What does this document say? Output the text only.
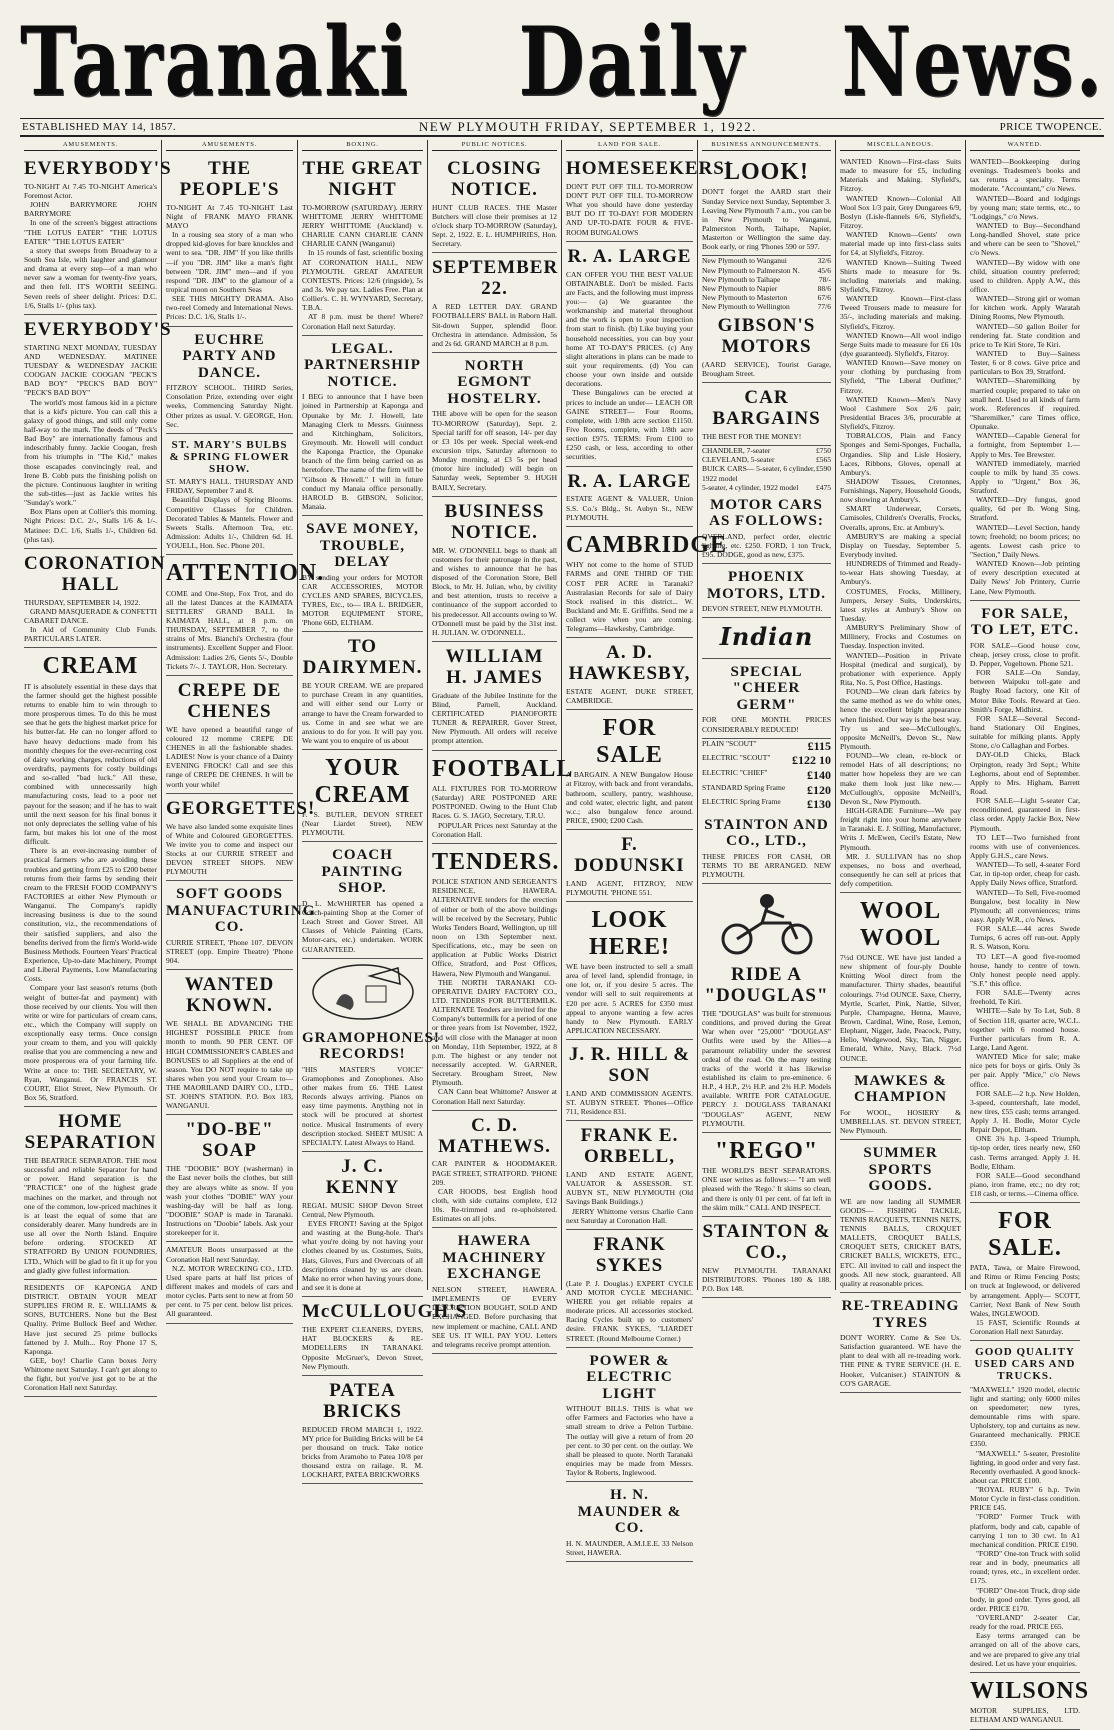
Taranaki	Daily	News.
ESTABLISHED MAY 14, 1857.	NEW PLYMOUTH FRIDAY, SEPTEMBER 1, 1922.	PRICE TWOPENCE.
AMUSEMENTS.
EVERYBODY'S

TO-NIGHT At 7.45 TO-NIGHT America's Foremost Actor.

JOHN BARRYMORE JOHN BARRYMORE

In one of the screen's biggest attractions "THE LOTUS EATER" "THE LOTUS EATER" "THE LOTUS EATER"

a story that sweeps from Broadway to a South Sea Isle, with laughter and glamour and drama at every step—of a man who never saw a woman for twenty-five years, and then fell. IT'S WORTH SEEING. Seven reels of sheer delight. Prices: D.C. 1/6, Stalls 1/- (plus tax).

EVERYBODY'S

STARTING NEXT MONDAY, TUESDAY AND WEDNESDAY. MATINEE TUESDAY & WEDNESDAY JACKIE COOGAN JACKIE COOGAN "PECK'S BAD BOY" "PECK'S BAD BOY" "PECK'S BAD BOY"

The world's most famous kid in a picture that is a kid's picture. You can call this a galaxy of good things, and still only come half-way to the mark. The deeds of "Peck's Bad Boy" are internationally famous and indescribably funny. Jackie Coogan, fresh from his triumphs in "The Kid," makes those escapades convincingly real, and Irene B. Cobb puts the finishing polish on the picture. Continuous laughter in writing the sub-titles—just as Jackie writes his "Sunday's work."

Box Plans open at Collier's this morning. Night Prices: D.C. 2/-, Stalls 1/6 & 1/-. Matinee: D.C. 1/6, Stalls 1/-, Children 6d. (plus tax).

CORONATION HALL

THURSDAY, SEPTEMBER 14, 1922.

GRAND MASQUERADE & CONFETTI CABARET DANCE.

In Aid of Community Club Funds. PARTICULARS LATER.

CREAM

IT is absolutely essential in these days that the farmer should get the highest possible returns to enable him to win through to more prosperous times. To do this he must see that he gets the highest market price for his butter-fat. He can no longer afford to have heavy deductions made from his monthly cheques for the ever-recurring cost of dairy working charges, reductions of old overdrafts, payments for costly buildings and so-called "bad luck." All these, combined with unnecessarily high manufacturing costs, lead to a poor net payout for the season; and if he has to wait until the next season for his final bonus it not only depreciates the selling value of his farm, but makes his lot one of the most difficult.

There is an ever-increasing number of practical farmers who are avoiding these troubles and getting from £25 to £200 better returns from their farms by sending their cream to the FRESH FOOD COMPANY'S FACTORIES at either New Plymouth or Wanganui. The Company's rapidly increasing business is due to the sound constitution, viz., the recommendations of their satisfied suppliers, and also the benefits derived from the firm's World-wide Business Methods. Fourteen Years' Practical Experience, Up-to-date Machinery, Prompt and Liberal Payments, Low Manufacturing Costs.

Compare your last season's returns (both weight of butter-fat and payment) with those received by our clients. You will then write or wire for particulars of cream cans, etc., which the Company will supply on exceptionally easy terms. Once consign your cream to them, and you will quickly realise that you are commencing a new and more prosperous era of your farming life. Write at once to: THE SECRETARY, W. Ryan, Wanganui. Or FRANCIS ST. COURT, Eliot Street, New Plymouth. Or Box 56, Stratford.

HOME SEPARATION

THE BEATRICE SEPARATOR. THE most successful and reliable Separator for hand or power. Hand separation is the "PRACTICE" one of the highest grade machines on the market, and through not one of the common, low-priced machines it is at least the equal of some that are considerably dearer. Many hundreds are in use all over the North Island. Enquire before ordering. STOCKED AT STRATFORD By UNION FOUNDRIES, LTD., Which will be glad to fit it up for you and gladly give fullest information.

RESIDENTS OF KAPONGA AND DISTRICT. OBTAIN YOUR MEAT SUPPLIES FROM R. E. WILLIAMS & SONS, BUTCHERS. None but the Best Quality. Prime Bullock Beef and Wether. Have just secured 25 prime bullocks fattened by J. Mulh... Roy Phone 17 S, Kaponga.

GEE, boy! Charlie Cann boxes Jerry Whittome next Saturday. I can't get along to the fight, but you've just got to be at the Coronation Hall next Saturday.

AMUSEMENTS.
THE PEOPLE'S

TO-NIGHT At 7.45 TO-NIGHT Last Night of FRANK MAYO FRANK MAYO

In a rousing sea story of a man who dropped kid-gloves for bare knuckles and went to sea. "DR. JIM" If you like thrills—if you "DR. JIM" like a man's fight between "DR. JIM" men—and if you respond "DR. JIM" to the glamour of a tropical moon on Southern Seas

SEE THIS MIGHTY DRAMA. Also two-reel Comedy and International News. Prices: D.C. 1/6, Stalls 1/-.

EUCHRE PARTY AND DANCE.

FITZROY SCHOOL. THIRD Series, Consolation Prize, extending over eight weeks, Commencing Saturday Night. Other prizes as usual. V. GEORGE, Hon. Sec.

ST. MARY'S BULBS & SPRING FLOWER SHOW.

ST. MARY'S HALL. THURSDAY AND FRIDAY, September 7 and 8.

Beautiful Displays of Spring Blooms. Competitive Classes for Children. Decorated Tables & Mantels. Flower and Sweets Stalls. Afternoon Tea, etc. Admission: Adults 1/-, Children 6d. H. YOUELL, Hon. Sec. Phone 201.

ATTENTION.

COME and One-Step, Fox Trot, and do all the latest Dances at the KAIMATA SETTLERS' GRAND BALL In KAIMATA HALL, at 8 p.m. on THURSDAY, SEPTEMBER 7, to the strains of Mrs. Bianchi's Orchestra (four instruments). Excellent Supper and Floor. Admission: Ladies 2/6, Gents 5/-, Double Tickets 7/-. J. TAYLOR, Hon. Secretary.

CREPE DE CHENES

WE have opened a beautiful range of coloured 12 momme CREPE DE CHENES in all the fashionable shades. LADIES! Now is your chance of a Dainty EVENING FROCK! Call and see this range of CREPE DE CHENES. It will be worth your while!

GEORGETTES!

We have also landed some exquisite lines of White and Coloured GEORGETTES. We invite you to come and inspect our Stocks at our CURRIE STREET and DEVON STREET SHOPS. NEW PLYMOUTH

SOFT GOODS MANUFACTURING CO.

CURRIE STREET, 'Phone 107. DEVON STREET (opp. Empire Theatre) 'Phone 904.

WANTED KNOWN.

WE SHALL BE ADVANCING THE HIGHEST POSSIBLE PRICE from month to month. 90 PER CENT. OF HIGH COMMISSIONER'S CABLES and BONUSES to all Suppliers at the end of season. You DO NOT require to take up shares when you send your Cream to— THE MAORILAND DAIRY CO., LTD., ST. JOHN'S STATION. P.O. Box 183, WANGANUI.

"DO-BE" SOAP

THE "DOOBIE" BOY (washerman) in the East never boils the clothes, but still they are always white as snow. If you wash your clothes "DOBIE" WAY your washing-day will be half as long. "DOOBIE" SOAP is made in Taranaki. Instructions on "Doobie" labels. Ask your storekeeper for it.

AMATEUR Boots unsurpassed at the Coronation Hall next Saturday.

N.Z. MOTOR WRECKING CO., LTD. Used spare parts at half list prices of different makes and models of cars and motor cycles. Parts sent to new at from 50 per cent. to 75 per cent. below list prices. All guaranteed.

BOXING.
THE GREAT NIGHT

TO-MORROW (SATURDAY). JERRY WHITTOME JERRY WHITTOME JERRY WHITTOME (Auckland) v. CHARLIE CANN CHARLIE CANN CHARLIE CANN (Wanganui)

In 15 rounds of fast, scientific boxing AT CORONATION HALL, NEW PLYMOUTH. GREAT AMATEUR CONTESTS. Prices: 12/6 (ringside), 5s and 3s. We pay tax. Ladies Free. Plan at Collier's. C. H. WYNYARD, Secretary, T.B.A.

AT 8 p.m. must be there! Where? Coronation Hall next Saturday.

LEGAL. PARTNERSHIP NOTICE.

I BEG to announce that I have been joined in Partnership at Kaponga and Opunake by Mr. J. Howell, late Managing Clerk to Messrs. Guinness and Kitchingham, Solicitors, Greymouth. Mr. Howell will conduct the Kaponga Practice, the Opunake branch of the firm being carried on as heretofore. The name of the firm will be "Gibson & Howell." I will in future conduct my Manaia office personally. HAROLD B. GIBSON, Solicitor, Manaia.

SAVE MONEY, TROUBLE, DELAY

BY sending your orders for MOTOR CAR ACCESSORIES, MOTOR CYCLES AND SPARES, BICYCLES, TYRES, Etc., to— IRA L. BRIDGER, MOTOR EQUIPMENT STORE, 'Phone 66D, ELTHAM.

TO DAIRYMEN.

BE YOUR CREAM. WE are prepared to purchase Cream in any quantities, and will either send our Lorry or arrange to have the Cream forwarded to us. Come in and see what we are anxious to do for you. It will pay you. We want you to enquire of us about

YOUR CREAM

F. S. BUTLER, DEVON STREET (Near Liardet Street), NEW PLYMOUTH.

COACH PAINTING SHOP.

D. L. McWHIRTER has opened a Coach-painting Shop at the Corner of Leach Street and Gover Street. All Classes of Vehicle Painting (Carts, Motor-cars, etc.) undertaken. WORK GUARANTEED.

GRAMOPHONES! RECORDS!

"HIS MASTER'S VOICE" Gramophones and Zonophones. Also other makes from £6. THE Latest Records always arriving. Pianos on easy time payments. Anything not in stock will be procured at shortest notice. Musical Instruments of every description stocked. SHEET MUSIC A SPECIALTY. Latest Always to Hand.

J. C. KENNY

REGAL MUSIC SHOP Devon Street Central, New Plymouth.

EYES FRONT! Saving at the Spigot and wasting at the Bung-hole. That's what you're doing by not having your clothes cleaned by us. Costumes, Suits, Hats, Gloves, Furs and Overcoats of all descriptions cleaned by us are clean. Make no error when having yours done, and see it is done at

McCULLOUGH'S

THE EXPERT CLEANERS, DYERS, HAT BLOCKERS & RE-MODELLERS IN TARANAKI. Opposite McGruer's, Devon Street, New Plymouth.

PATEA BRICKS

REDUCED FROM MARCH 1, 1922. MY price for Building Bricks will be £4 per thousand on truck. Take notice bricks from Aramoho to Patea 10/8 per thousand extra on railage. R. M. LOCKHART, PATEA BRICKWORKS

PUBLIC NOTICES.
CLOSING NOTICE.

HUNT CLUB RACES. THE Master Butchers will close their premises at 12 o'clock sharp TO-MORROW (Saturday), Sept. 2, 1922. E. L. HUMPHRIES, Hon. Secretary.

SEPTEMBER 22.

A RED LETTER DAY. GRAND FOOTBALLERS' BALL in Raborn Hall. Sit-down Supper, splendid floor. Orchestra in attendance. Admission, 5s and 2s 6d. GRAND MARCH at 8 p.m.

NORTH EGMONT HOSTELRY.

THE above will be open for the season TO-MORROW (Saturday), Sept. 2. Special tariff for off season, 14/- per day or £3 10s per week. Special week-end excursion trips, Saturday afternoon to Monday morning, at £3 5s per head (motor hire included) will begin on Saturday week, September 9. HUGH BAILY, Secretary.

BUSINESS NOTICE.

MR. W. O'DONNELL begs to thank all customers for their patronage in the past, and wishes to announce that he has disposed of the Coronation Store, Bell Block, to Mr. H. Julian, who, by civility and best attention, trusts to receive a continuance of the support accorded to his predecessor. All accounts owing to W. O'Donnell must be paid by the 31st inst. H. JULIAN. W. O'DONNELL.

WILLIAM H. JAMES

Graduate of the Jubilee Institute for the Blind, Parnell, Auckland. CERTIFICATED PIANOFORTE TUNER & REPAIRER. Gover Street, New Plymouth. All orders will receive prompt attention.

FOOTBALL

ALL FIXTURES FOR TO-MORROW (Saturday) ARE POSTPONED ARE POSTPONED. Owing to the Hunt Club Races. G. S. JAGO, Secretary, T.R.U.

POPULAR Prices next Saturday at the Coronation Hall.

TENDERS.

POLICE STATION AND SERGEANT'S RESIDENCE, HAWERA. ALTERNATIVE tenders for the erection of either or both of the above buildings will be received by the Secretary, Public Works Tenders Board, Wellington, up till noon on 13th September next. Specifications, etc., may be seen on application at Public Works District Office, Stratford, and Post Offices, Hawera, New Plymouth and Wanganui.

THE NORTH TARANAKI CO-OPERATIVE DAIRY FACTORY CO., LTD. TENDERS FOR BUTTERMILK. ALTERNATE Tenders are invited for the Company's buttermilk for a period of one or three years from 1st November, 1922, and will close with the Manager at noon on Monday, 11th September, 1922, at 8 p.m. The highest or any tender not necessarily accepted. W. GARNER, Secretary. Brougham Street, New Plymouth.

CAN Cann beat Whittome? Answer at Coronation Hall next Saturday.

C. D. MATHEWS.

CAR PAINTER & HOODMAKER. PAGE STREET, STRATFORD. 'PHONE 209.

CAR HOODS, best English hood cloth, with side curtains complete, £12 10s. Re-trimmed and re-upholstered. Estimates on all jobs.

HAWERA MACHINERY EXCHANGE

NELSON STREET, HAWERA. IMPLEMENTS OF EVERY DESCRIPTION BOUGHT, SOLD AND EXCHANGED. Before purchasing that new implement or machine, CALL AND SEE US. IT WILL PAY YOU. Letters and telegrams receive prompt attention.

LAND FOR SALE.
HOMESEEKERS!

DON'T PUT OFF TILL TO-MORROW DON'T PUT OFF TILL TO-MORROW What you should have done yesterday BUT DO IT TO-DAY! FOR MODERN AND UP-TO-DATE FOUR & FIVE-ROOM BUNGALOWS

R. A. LARGE

CAN OFFER YOU THE BEST VALUE OBTAINABLE. Don't be misled. Facts are Facts, and the following must impress you:— (a) We guarantee the workmanship and material throughout and the work is open to your inspection from start to finish. (b) Like buying your household necessities, you can buy your home AT TO-DAY'S PRICES. (c) Any slight alterations in plans can be made to suit your requirements. (d) You can choose your own inside and outside decorations.

These Bungalows can be erected at prices to include an under— LEACH OR GAINE STREET— Four Rooms, complete, with 1/8th acre section £1150. Five Rooms, complete, with 1/8th acre section £975. TERMS: From £100 to £250 cash, or less, according to other securities.

R. A. LARGE

ESTATE AGENT & VALUER, Union S.S. Co.'s Bldg., St. Aubyn St., NEW PLYMOUTH.

CAMBRIDGE

WHY not come to the home of STUD FARMS and ONE THIRD OF THE COST PER ACRE in Taranaki? Australasian Records for sale of Dairy Stock realised in this district... W. Buckland and Mr. E. Griffiths. Send me a collect wire when you are coming. Telegrams—Hawkesby, Cambridge.

A. D. HAWKESBY,

ESTATE AGENT, DUKE STREET, CAMBRIDGE.

FOR SALE

A BARGAIN. A NEW Bungalow House at Fitzroy, with back and front verandahs, bathroom, scullery, pantry, washhouse, and cold water, electric light, and patent w.c.; also bungalow fence around. PRICE, £900; £200 Cash.

F. DODUNSKI

LAND AGENT, FITZROY, NEW PLYMOUTH. 'PHONE 551.

LOOK HERE!

WE have been instructed to sell a small area of level land, splendid frontage, in one lot, or, if you desire 5 acres. The vendor will sell to suit requirements at £20 per acre. 5 ACRES for £350 must appeal to anyone wanting a few acres handy to New Plymouth. EARLY APPLICATION NECESSARY.

J. R. HILL & SON

LAND AND COMMISSION AGENTS. ST. AUBYN STREET. 'Phones—Office 711, Residence 831.

FRANK E. ORBELL,

LAND AND ESTATE AGENT, VALUATOR & ASSESSOR. ST. AUBYN ST., NEW PLYMOUTH (Old Savings Bank Buildings.)

JERRY Whittome versus Charlie Cann next Saturday at Coronation Hall.

FRANK SYKES

(Late P. J. Douglas.) EXPERT CYCLE AND MOTOR CYCLE MECHANIC. WHERE you get reliable repairs at moderate prices. All accessories stocked. Racing Cycles built up to customers' desire. FRANK SYKES, "LIARDET STREET. (Round Melbourne Corner.)

POWER & ELECTRIC LIGHT

WITHOUT BILLS. THIS is what we offer Farmers and Factories who have a small stream to drive a Pelton Turbine. The outlay will give a return of from 20 per cent. to 30 per cent. on the outlay. We shall be pleased to quote. North Taranaki enquiries may be made from Messrs. Taylor & Roberts, Inglewood.

H. N. MAUNDER & CO.

H. N. MAUNDER, A.M.I.E.E. 33 Nelson Street, HAWERA.

BUSINESS ANNOUNCEMENTS.
LOOK!

DON'T forget the AARD start their Sunday Service next Sunday, September 3. Leaving New Plymouth 7 a.m., you can be in New Plymouth to Wanganui, Palmerston North, Taihape, Napier, Masterton or Wellington the same day. Book early, or ring 'Phones 590 or 597.

New Plymouth to Wanganui	32/6
New Plymouth to Palmerston N. 45/6
New Plymouth to Taihape	78/-
New Plymouth to Napier	88/6
New Plymouth to Masterton	67/6
New Plymouth to Wellington	77/6
GIBSON'S MOTORS

(AARD SERVICE), Tourist Garage, Brougham Street.

CAR BARGAINS

THE BEST FOR THE MONEY!

CHANDLER, 7-seater	£750
CLEVELAND, 5-seater	£565
BUICK CARS— 5-seater, 6 cylinder, 1922 model
£590
5-seater, 4 cylinder, 1922 model £475
MOTOR CARS AS FOLLOWS:

OVERLAND, perfect order, electric lighting, etc. £250. FORD, 1 ton Truck, £95. DODGE, good as new, £375.

PHOENIX MOTORS, LTD.

DEVON STREET, NEW PLYMOUTH.

Indian
SPECIAL "CHEER GERM"

FOR ONE MONTH. PRICES CONSIDERABLY REDUCED!

PLAIN "SCOUT"	£115
ELECTRIC "SCOUT" £122 10
ELECTRIC "CHIEF"	£140
STANDARD Spring Frame £120
ELECTRIC Spring Frame £130
STAINTON AND CO., LTD.,

THESE PRICES FOR CASH, OR TERMS TO BE ARRANGED. NEW PLYMOUTH.

RIDE A "DOUGLAS"

THE "DOUGLAS" was built for strenuous conditions, and proved during the Great War when over "25,000" "DOUGLAS" Outfits were used by the Allies—a paramount reliability under the severest ordeal of the road. On the many testing tracks of the world it has likewise established its claim to pre-eminence. 6 H.P., 4 H.P., 2½ H.P. and 2¾ H.P. Models available. WRITE FOR CATALOGUE. PERCY J. DOUGLASS TARANAKI "DOUGLAS" AGENT, NEW PLYMOUTH.

"REGO"

THE WORLD'S BEST SEPARATORS. ONE user writes as follows:— "I am well pleased with the 'Rego.' It skims so clean, and there is only 01 per cent. of fat left in the skim milk." CALL AND INSPECT.

STAINTON & CO.,

NEW PLYMOUTH. TARANAKI DISTRIBUTORS. 'Phones 180 & 188. P.O. Box 148.

MISCELLANEOUS.

WANTED Known—First-class Suits made to measure for £5, including Materials and Making. Slyfield's, Fitzroy.

WANTED Known—Colonial All Wool Sox 1/3 pair, Grey Dungarees 6/9, Boslyn (Lisle-flannels 6/6, Slyfield's, Fitzroy.

WANTED Known—Gents' own material made up into first-class suits for £4, at Slyfield's, Fitzroy.

WANTED Known—Suiting Tweed Shirts made to measure for 9s. including materials and making. Slyfield's, Fitzroy.

WANTED Known—First-class Tweed Trousers made to measure for 35/-, including materials and making. Slyfield's, Fitzroy.

WANTED Known—All wool indigo Serge Suits made to measure for £6 10s (dye guaranteed). Slyfield's, Fitzroy.

WANTED Known—Save money on your clothing by purchasing from Slyfield, "The Liberal Outfitter," Fitzroy.

WANTED Known—Men's Navy Wool Cashmere Sox 2/6 pair; Presidential Braces 3/6, procurable at Slyfield's, Fitzroy.

TOBRALCOS, Plain and Fancy Sponges and Semi-Sponges, Fuchalla, Organdies. Slip and Lisle Hosiery, Laces, Ribbons, Gloves, openall at Ambury's.

SHADOW Tissues, Cretonnes, Furnishings, Napery, Household Goods, now showing at Ambury's.

SMART Underwear, Corsets, Camisoles, Children's Overalls, Frocks, Overalls, aprons, Etc. at Ambury's.

AMBURY'S are making a special Display on Tuesday, September 5. Everybody invited.

HUNDREDS of Trimmed and Ready-to-wear Hats showing Tuesday, at Ambury's.

COSTUMES, Frocks, Millinery, Jumpers, Jersey Suits, Underskirts, latest styles at Ambury's Show on Tuesday.

AMBURY'S Preliminary Show of Millinery, Frocks and Costumes on Tuesday. Inspection invited.

WANTED—Position in Private Hospital (medical and surgical), by probationer with experience. Apply Rita, No. 5, Post Office, Hastings.

FOUND—We clean dark fabrics by the same method as we do white ones, hence the excellent bright appearance when finished. Our way is the best way. Try us and see—McCullough's, opposite McNeill's, Devon St., New Plymouth.

FOUND—We clean, re-block or remodel Hats of all descriptions; no matter how hopeless they are we can make them look just like new.—McCullough's, opposite McNeill's, Devon St., New Plymouth.

HIGH-GRADE Furniture—We pay freight right into your home anywhere in Taranaki. E. J. Stilling, Manufacturer, Writs J. McEwen, Cecil's Estate, New Plymouth.

MR. J. SULLIVAN has no shop expenses, no boss and overhead, consequently he can sell at prices that defy competition.

WOOL WOOL

7½d OUNCE. WE have just landed a new shipment of four-ply Double Knitting Wool direct from the manufacturer. Thirty shades, beautiful colourings. 7½d OUNCE. Saxe, Cherry, Myrtle, Scarlet, Pink, Nattie, Silver, Purple, Champagne, Henna, Mauve, Brown, Cardinal, Wine, Rose, Lemon, Elephant, Nigger, Jade, Peacock, Putty, Helio, Wedgewood, Sky, Tan, Nigger, Emerald, White, Navy, Black. 7½d OUNCE.

MAWKES & CHAMPION

For WOOL, HOSIERY & UMBRELLAS. ST. DEVON STREET, New Plymouth.

SUMMER SPORTS GOODS.

WE are now landing all SUMMER GOODS— FISHING TACKLE, TENNIS RACQUETS, TENNIS NETS, TENNIS BALLS, CROQUET MALLETS, CROQUET BALLS, CROQUET SETS, CRICKET BATS, CRICKET BALLS, WICKETS, ETC., ETC. All invited to call and inspect the goods. All new stock, guaranteed. All quality at reasonable prices.

RE-TREADING TYRES

DON'T WORRY. Come & See Us. Satisfaction guaranteed. WE have the plant to deal with all re-treading work. THE PINE & TYRE SERVICE (H. E. Hooker, Vulcaniser.) STAINTON & CO'S GARAGE.

WANTED.

WANTED—Bookkeeping during evenings. Tradesmen's books and tax returns a specialty. Terms moderate. "Accountant," c/o News.

WANTED—Board and lodgings by young man; state terms, etc., to "Lodgings," c/o News.

WANTED to Buy—Secondhand Long-handled Shovel, state price and where can be seen to "Shovel," c/o News.

WANTED—By widow with one child, situation country preferred; used to children. Apply A.W., this office.

WANTED—Strong girl or woman for kitchen work. Apply Waratah Dining Rooms, New Plymouth.

WANTED—50 gallon Boiler for rendering fat. State condition and price to Te Kiri Store, Te Kiri.

WANTED to Buy—Sainess Tester, 6 or 8 cows. Give price and particulars to Box 39, Stratford.

WANTED—Sharemilking by married couple; prepared to take on small herd. Used to all kinds of farm work. References if required. "Sharemilker," care Times office, Opunake.

WANTED—Capable General for a fortnight, from September 1.—Apply to Mrs. Tee Brewster.

WANTED immediately, married couple to milk by hand 35 cows. Apply to "Urgent," Box 36, Stratford.

WANTED—Dry fungus, good quality, 6d per lb. Wong Sing, Stratford.

WANTED—Level Section, handy town; freehold; no boom prices; no agents. Lowest cash price to "Section," Daily News.

WANTED Known—Job printing of every description executed at Daily News' Job Printery, Currie Lane, New Plymouth.

FOR SALE, TO LET, ETC.

FOR SALE—Good house cow, cheap, jersey cross, close to profit. D. Pepper, Vogeltown. Phone 521.

FOR SALE—On Sunday, between Waipuku toll-gate and Rugby Road factory, one Kit of Motor Bike Tools. Reward at Geo. Smith's Forge, Midhirst.

FOR SALE—Several Second-hand Stationary Oil Engines, suitable for milking plants. Apply Stone, c/o Callaghan and Forbes.

DAY-OLD Chicks, Black Orpington, ready 3rd Sept.; White Leghorns, about end of September. Apply to Mrs. Higham, Barrett Road.

FOR SALE—Light 5-seater Car, reconditioned, guaranteed in first-class order. Apply Jackie Box, New Plymouth.

TO LET—Two furnished front rooms with use of conveniences. Apply G.H.S., care News.

WANTED—To sell, 4-seater Ford Car, in tip-top order, cheap for cash. Apply Daily News office, Stratford.

WANTED—To Sell, Five-roomed Bungalow, best locality in New Plymouth; all conveniences; trims easy. Apply W.R., c/o News.

FOR SALE—44 acres Swede Turnips, 6 acres off run-out. Apply R. S. Watson, Koru.

TO LET—A good five-roomed house, handy to centre of town. Only honest people need apply. "S.F." this office.

FOR SALE—Twenty acres freehold, Te Kiri.

WHITE—Sale by To Let, Sub. 8 of Section 118, quarter acre, W.C.L. together with 6 roomed house. Further particulars from R. A. Large, Land Agent.

WANTED Mice for sale; make nice pets for boys or girls. Only 3s per pair. Apply "Mice," c/o News office.

FOR SALE—2 h.p. New Holden, 3-speed, countershaft, late model, new tires, £55 cash; terms arranged. Apply J. H. Bodle, Motor Cycle Repair Depot, Eltham.

ONE 3¾ h.p. 3-speed Triumph, tip-top order, tires nearly new, £60 cash. Terms arranged. Apply J. H. Bodle, Eltham.

FOR SALE—Good secondhand piano, iron frame, etc.; no dry rot; £18 cash, or terms.—Cinema office.

FOR SALE.

PATA, Tawa, or Maire Firewood, and Rimu or Rimu Fencing Posts; on truck at Inglewood, or delivered by arrangement. Apply— SCOTT, Carrier, Next Bank of New South Wales, INGLEWOOD.

15 FAST, Scientific Rounds at Coronation Hall next Saturday.

GOOD QUALITY USED CARS AND TRUCKS.

"MAXWELL" 1920 model, electric light and starting; only 6000 miles on speedometer; new tyres, demountable rims with spare. Upholstery, top and curtains as new. Guaranteed mechanically. PRICE £350.

"MAXWELL" 5-seater, Prestolite lighting, in good order and very fast. Recently overhauled. A good knock-about car. PRICE £100.

"ROYAL RUBY" 6 h.p. Twin Motor Cycle in first-class condition. PRICE £45.

"FORD" Former Truck with platform, body and cab, capable of carrying 1 ton to 30 cwt. In A1 mechanical condition. PRICE £190.

"FORD" One-ton Truck with solid rear and in body, pneumatics all round; tyres, etc., in excellent order. £175.

"FORD" One-ton Truck, drop side body, in good order. Tyres good, all order. PRICE £170.

"OVERLAND" 2-seater Car, ready for the road. PRICE £65.

Easy terms arranged can be arranged on all of the above cars, and we are prepared to give any trial desired. Let us have your enquiries.

WILSONS

MOTOR SUPPLIES, LTD. ELTHAM AND WANGANUI.
